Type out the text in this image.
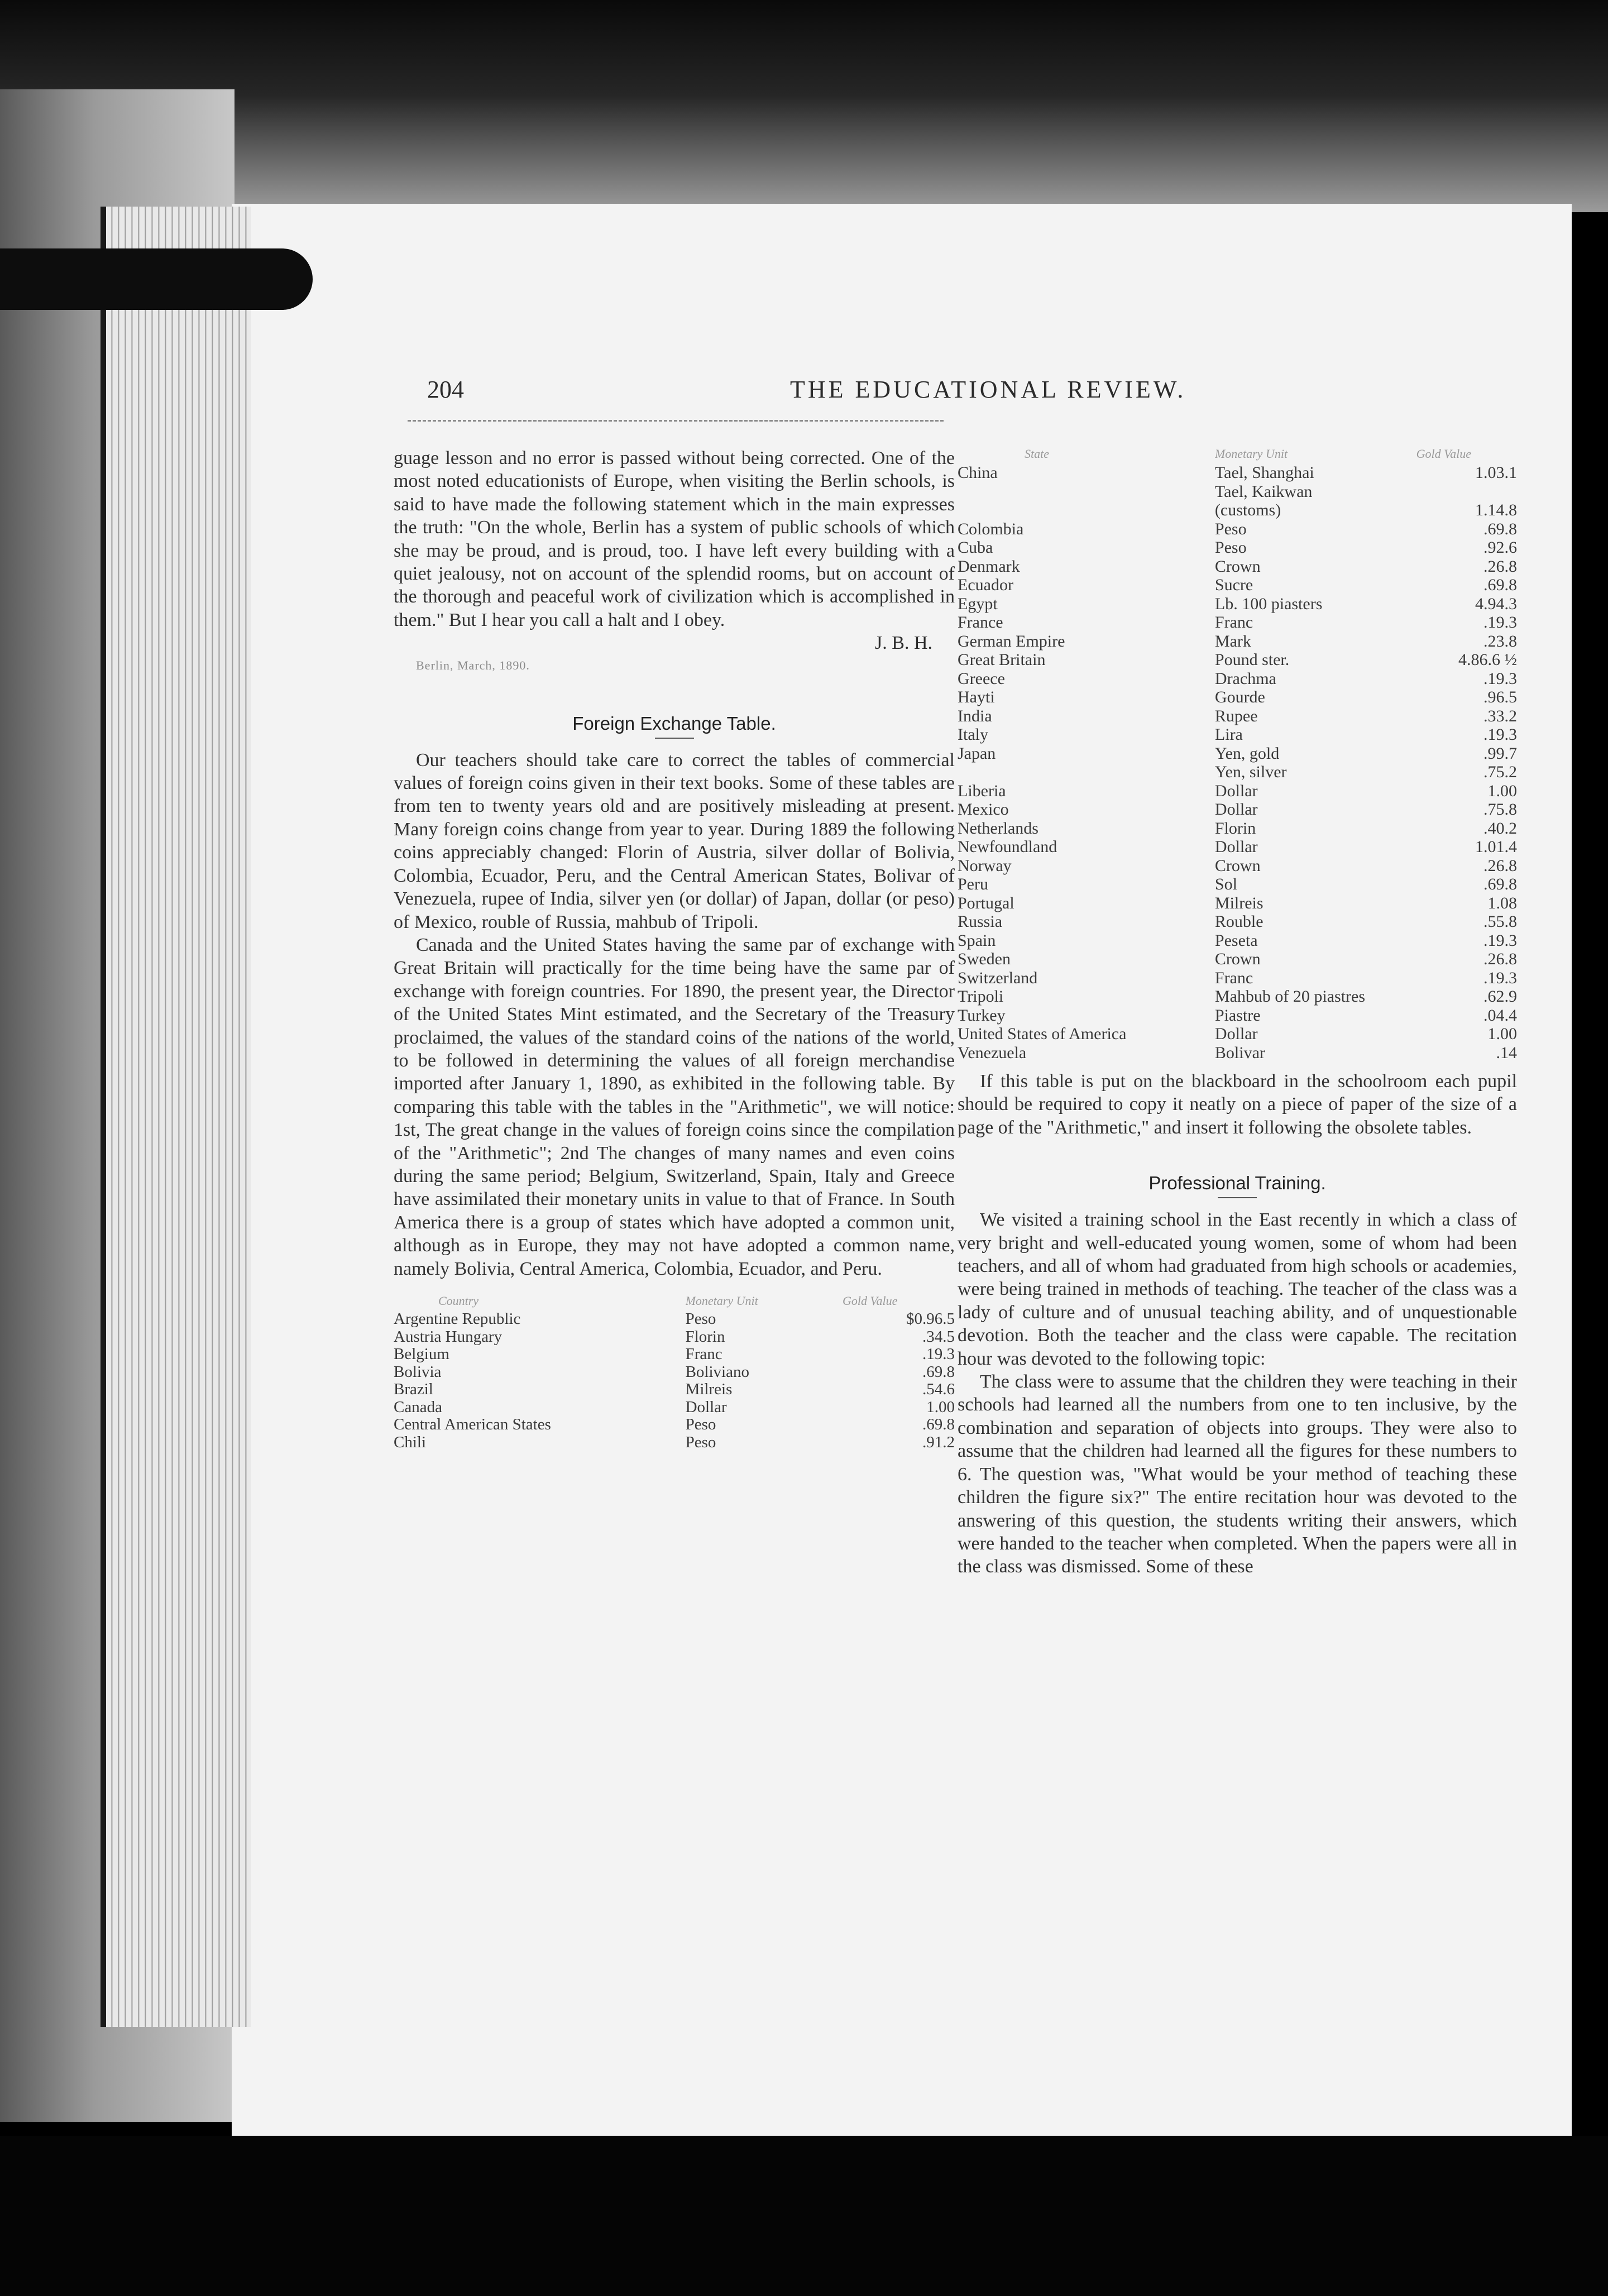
204	THE EDUCATIONAL REVIEW.

guage lesson and no error is passed without being corrected. One of the most noted educationists of Europe, when visiting the Berlin schools, is said to have made the following statement which in the main expresses the truth: "On the whole, Berlin has a system of public schools of which she may be proud, and is proud, too. I have left every building with a quiet jealousy, not on account of the splendid rooms, but on account of the thorough and peaceful work of civilization which is accomplished in them." But I hear you call a halt and I obey.

J. B. H.

Berlin, March, 1890.
Foreign Exchange Table.

Our teachers should take care to correct the tables of commercial values of foreign coins given in their text books. Some of these tables are from ten to twenty years old and are positively misleading at present. Many foreign coins change from year to year. During 1889 the following coins appreciably changed: Florin of Austria, silver dollar of Bolivia, Colombia, Ecuador, Peru, and the Central American States, Bolivar of Venezuela, rupee of India, silver yen (or dollar) of Japan, dollar (or peso) of Mexico, rouble of Russia, mahbub of Tripoli.

Canada and the United States having the same par of exchange with Great Britain will practically for the time being have the same par of exchange with foreign countries. For 1890, the present year, the Director of the United States Mint estimated, and the Secretary of the Treasury proclaimed, the values of the standard coins of the nations of the world, to be followed in determining the values of all foreign merchandise imported after January 1, 1890, as exhibited in the following table. By comparing this table with the tables in the "Arithmetic", we will notice: 1st, The great change in the values of foreign coins since the compilation of the "Arithmetic"; 2nd The changes of many names and even coins during the same period; Belgium, Switzerland, Spain, Italy and Greece have assimilated their monetary units in value to that of France. In South America there is a group of states which have adopted a common unit, although as in Europe, they may not have adopted a common name, namely Bolivia, Central America, Colombia, Ecuador, and Peru.

Country	Monetary Unit	Gold Value
Argentine Republic	Peso	$0.96.5
Austria Hungary	Florin	.34.5
Belgium	Franc	.19.3
Bolivia	Boliviano	.69.8
Brazil	Milreis	.54.6
Canada	Dollar	1.00
Central American States	Peso	.69.8
Chili	Peso	.91.2
State	Monetary Unit	Gold Value
China	Tael, Shanghai	1.03.1
	Tael, Kaikwan	
	(customs)	1.14.8
Colombia	Peso	.69.8
Cuba	Peso	.92.6
Denmark	Crown	.26.8
Ecuador	Sucre	.69.8
Egypt	Lb. 100 piasters	4.94.3
France	Franc	.19.3
German Empire	Mark	.23.8
Great Britain	Pound ster.	4.86.6 ½
Greece	Drachma	.19.3
Hayti	Gourde	.96.5
India	Rupee	.33.2
Italy	Lira	.19.3
Japan	Yen, gold	.99.7
	Yen, silver	.75.2
Liberia	Dollar	1.00
Mexico	Dollar	.75.8
Netherlands	Florin	.40.2
Newfoundland	Dollar	1.01.4
Norway	Crown	.26.8
Peru	Sol	.69.8
Portugal	Milreis	1.08
Russia	Rouble	.55.8
Spain	Peseta	.19.3
Sweden	Crown	.26.8
Switzerland	Franc	.19.3
Tripoli	Mahbub of 20 piastres	.62.9
Turkey	Piastre	.04.4
United States of America	Dollar	1.00
Venezuela	Bolivar	.14

If this table is put on the blackboard in the schoolroom each pupil should be required to copy it neatly on a piece of paper of the size of a page of the "Arithmetic," and insert it following the obsolete tables.

Professional Training.

We visited a training school in the East recently in which a class of very bright and well-educated young women, some of whom had been teachers, and all of whom had graduated from high schools or academies, were being trained in methods of teaching. The teacher of the class was a lady of culture and of unusual teaching ability, and of unquestionable devotion. Both the teacher and the class were capable. The recitation hour was devoted to the following topic:

The class were to assume that the children they were teaching in their schools had learned all the numbers from one to ten inclusive, by the combination and separation of objects into groups. They were also to assume that the children had learned all the figures for these numbers to 6. The question was, "What would be your method of teaching these children the figure six?" The entire recitation hour was devoted to the answering of this question, the students writing their answers, which were handed to the teacher when completed. When the papers were all in the class was dismissed. Some of these
